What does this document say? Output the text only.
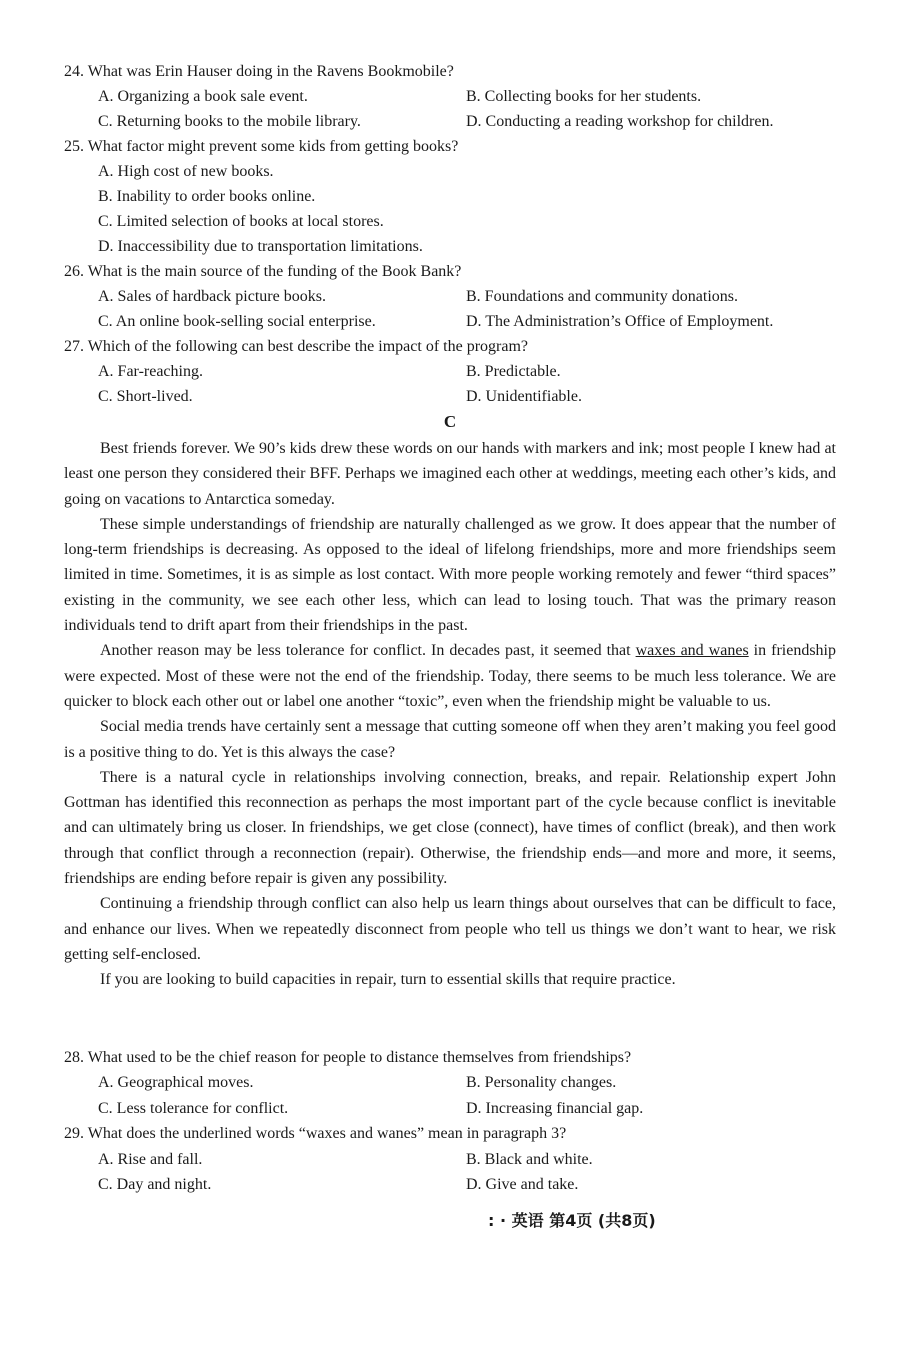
24. What was Erin Hauser doing in the Ravens Bookmobile?
A. Organizing a book sale event.	B. Collecting books for her students.
C. Returning books to the mobile library.	D. Conducting a reading workshop for children.
25. What factor might prevent some kids from getting books?
A. High cost of new books.
B. Inability to order books online.
C. Limited selection of books at local stores.
D. Inaccessibility due to transportation limitations.
26. What is the main source of the funding of the Book Bank?
A. Sales of hardback picture books.	B. Foundations and community donations.
C. An online book-selling social enterprise.	D. The Administration’s Office of Employment.
27. Which of the following can best describe the impact of the program?
A. Far-reaching.	B. Predictable.
C. Short-lived.	D. Unidentifiable.
C

Best friends forever. We 90’s kids drew these words on our hands with markers and ink; most people I knew had at least one person they considered their BFF. Perhaps we imagined each other at weddings, meeting each other’s kids, and going on vacations to Antarctica someday.

These simple understandings of friendship are naturally challenged as we grow. It does appear that the number of long-term friendships is decreasing. As opposed to the ideal of lifelong friendships, more and more friendships seem limited in time. Sometimes, it is as simple as lost contact. With more people working remotely and fewer “third spaces” existing in the community, we see each other less, which can lead to losing touch. That was the primary reason individuals tend to drift apart from their friendships in the past.

Another reason may be less tolerance for conflict. In decades past, it seemed that waxes and wanes in friendship were expected. Most of these were not the end of the friendship. Today, there seems to be much less tolerance. We are quicker to block each other out or label one another “toxic”, even when the friendship might be valuable to us.

Social media trends have certainly sent a message that cutting someone off when they aren’t making you feel good is a positive thing to do. Yet is this always the case?

There is a natural cycle in relationships involving connection, breaks, and repair. Relationship expert John Gottman has identified this reconnection as perhaps the most important part of the cycle because conflict is inevitable and can ultimately bring us closer. In friendships, we get close (connect), have times of conflict (break), and then work through that conflict through a reconnection (repair). Otherwise, the friendship ends—and more and more, it seems, friendships are ending before repair is given any possibility.

Continuing a friendship through conflict can also help us learn things about ourselves that can be difficult to face, and enhance our lives. When we repeatedly disconnect from people who tell us things we don’t want to hear, we risk getting self-enclosed.

If you are looking to build capacities in repair, turn to essential skills that require practice.

28. What used to be the chief reason for people to distance themselves from friendships?
A. Geographical moves.	B. Personality changes.
C. Less tolerance for conflict.	D. Increasing financial gap.
29. What does the underlined words “waxes and wanes” mean in paragraph 3?
A. Rise and fall.	B. Black and white.
C. Day and night.	D. Give and take.
: · 英语 第4页 (共8页)
